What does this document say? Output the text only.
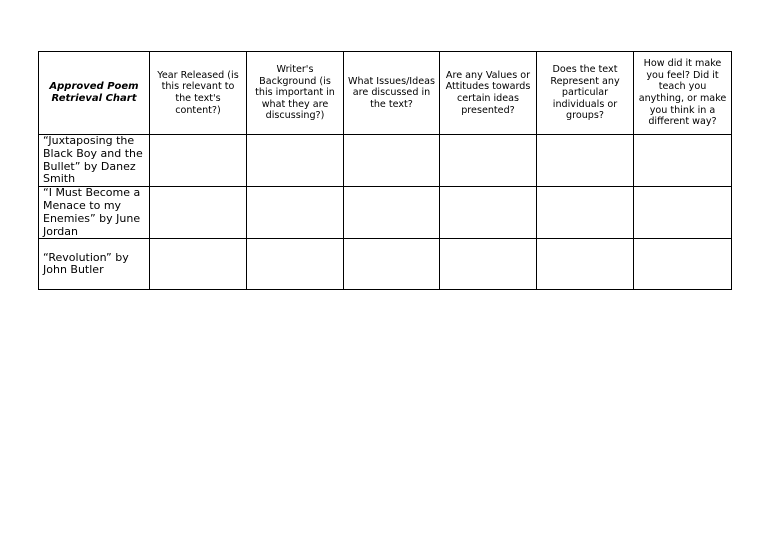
Approved Poem Retrieval Chart	Year Released (is this relevant to the text's content?)	Writer's Background (is this important in what they are discussing?)	What Issues/Ideas are discussed in the text?	Are any Values or Attitudes towards certain ideas presented?	Does the text Represent any particular individuals or groups?	How did it make you feel? Did it teach you anything, or make you think in a different way?
“Juxtaposing the Black Boy and the Bullet” by Danez Smith						
“I Must Become a Menace to my Enemies” by June Jordan						
“Revolution” by John Butler						
